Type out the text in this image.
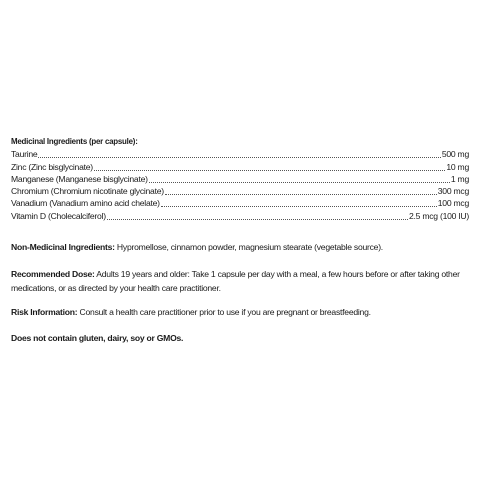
Medicinal Ingredients (per capsule):

Taurine	500 mg
Zinc (Zinc bisglycinate)	10 mg
Manganese (Manganese bisglycinate)	1 mg
Chromium (Chromium nicotinate glycinate)	300 mcg
Vanadium (Vanadium amino acid chelate)	100 mcg
Vitamin D (Cholecalciferol)	2.5 mcg (100 IU)

Non-Medicinal Ingredients: Hypromellose, cinnamon powder, magnesium stearate (vegetable source).

Recommended Dose: Adults 19 years and older: Take 1 capsule per day with a meal, a few hours before or after taking other medications, or as directed by your health care practitioner.

Risk Information: Consult a health care practitioner prior to use if you are pregnant or breastfeeding.

Does not contain gluten, dairy, soy or GMOs.
